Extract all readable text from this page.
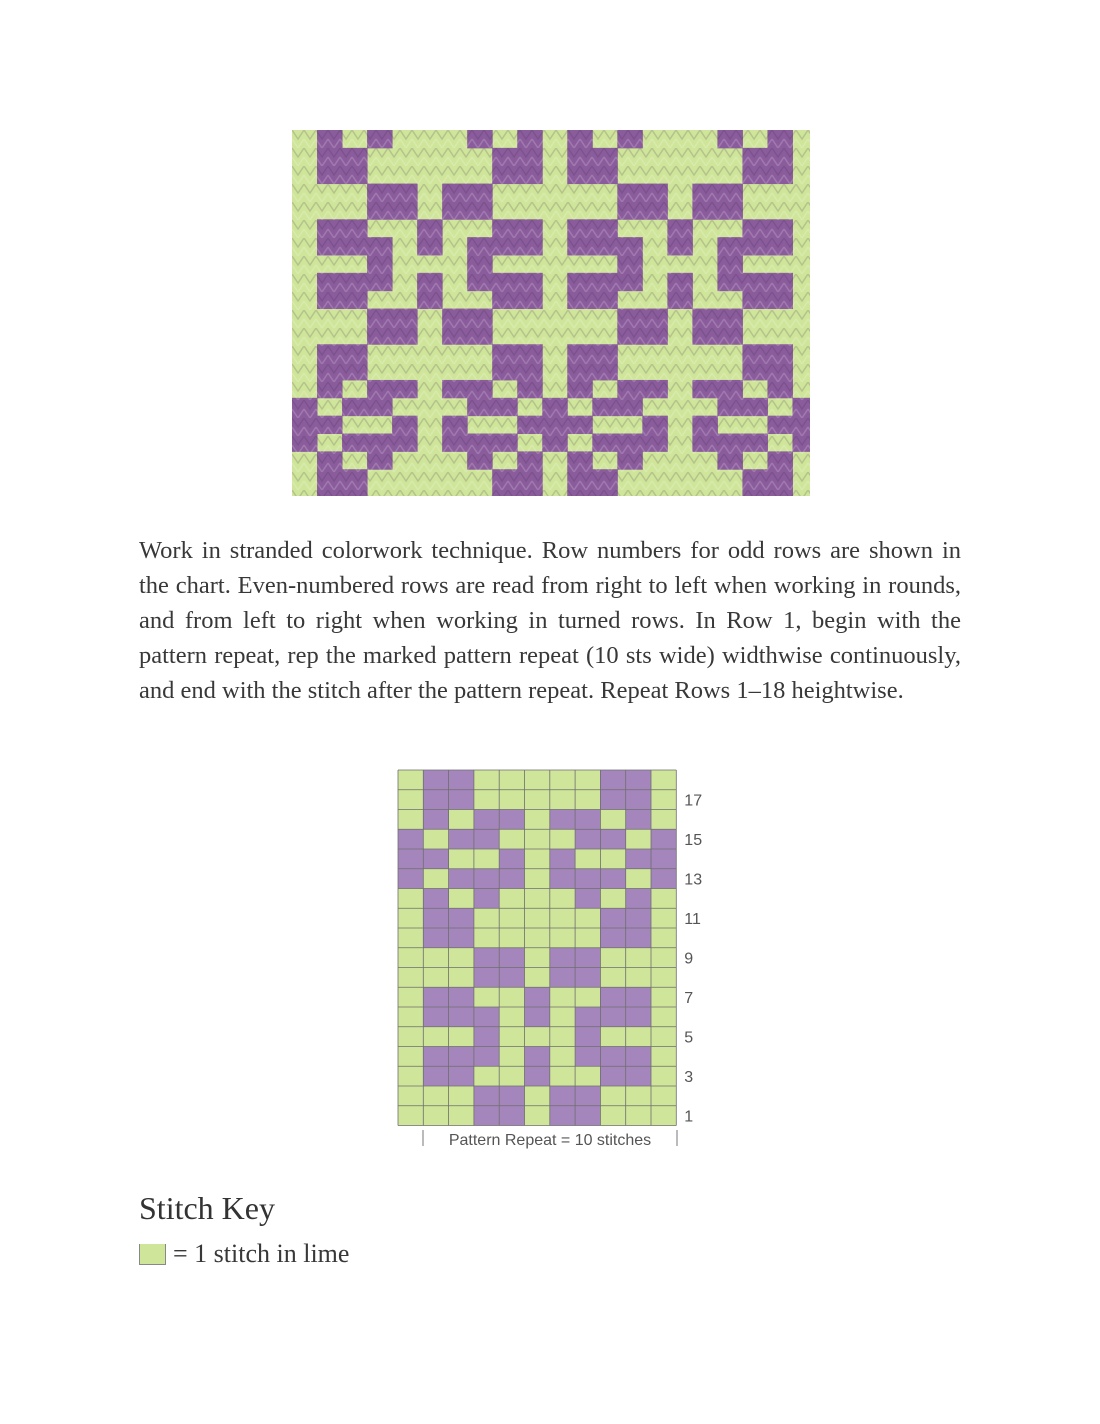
Work in stranded colorwork technique. Row numbers for odd rows are shown in the chart. Even-numbered rows are read from right to left when working in rounds, and from left to right when working in turned rows. In Row 1, begin with the pattern repeat, rep the marked pattern repeat (10 sts wide) widthwise continuously, and end with the stitch after the pattern repeat. Repeat Rows 1–18 heightwise.

1
3
5
7
9
11
13
15
17
Pattern Repeat = 10 stitches
Stitch Key
= 1 stitch in lime
